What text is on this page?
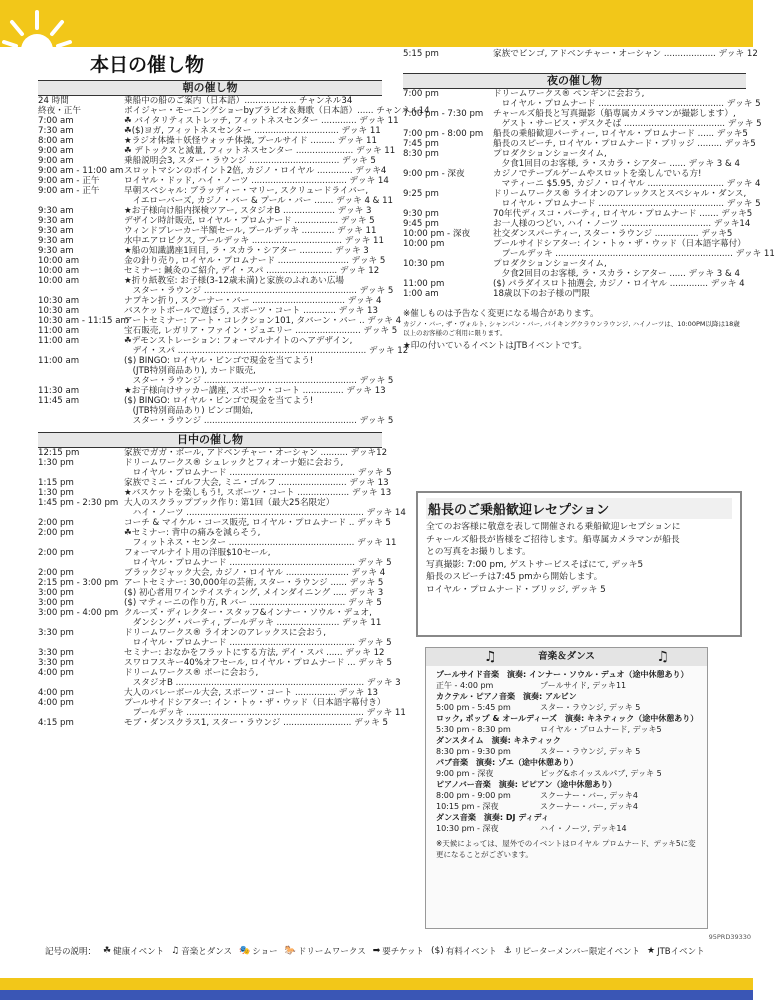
本日の催し物
朝の催し物
24 時間	乗船中の船のご案内（日本語）................... チャンネル34
終夜・正午	ボイジャー・モーニングショーbyブラビオ＆舞歌（日本語）...... チャンネル14
7:00 am	☘ バイタリティストレッチ, フィットネスセンター ............. デッキ 11
7:30 am	☘($)ヨガ, フィットネスセンター ............................... デッキ 11
8:00 am	★ラジオ体操＋妖怪ウォッチ体操, プールサイド ......... デッキ 11
9:00 am	☘ デトックスと減量, フィットネスセンター ..................... デッキ 11
9:00 am	乗船説明会3, スター・ラウンジ ................................. デッキ 5
9:00 am - 11:00 am スロットマシンのポイント2倍, カジノ・ロイヤル ............. デッキ4
9:00 am - 正午	ロイヤル・ドッド, ハイ・ノーツ ................................... デッキ 14
9:00 am - 正午	早朝スペシャル: ブラッディー・マリー, スクリュードライバー,
　イエローバーズ, カジノ・バー & プール・バー ....... デッキ 4 & 11
9:30 am	★お子様向け船内探検ツアー, スタジオB ................... デッキ 3
9:30 am	デザイン時計販売, ロイヤル・プロムナード ................ デッキ 5
9:30 am	ウィンドブレーカー半額セール, プールデッキ ............ デッキ 11
9:30 am	水中エアロビクス, プールデッキ ................................. デッキ 11
9:30 am	★船の知識講座1回目, ラ・スカラ・シアター ............ デッキ 3
10:00 am	金の針り売り, ロイヤル・プロムナード .......................... デッキ 5
10:00 am	セミナー: 鍼灸のご紹介, デイ・スパ .......................... デッキ 12
10:00 am	★折り紙教室: お子様(3-12歳未満)と家族のふれあい広場
　スター・ラウンジ ........................................................ デッキ 5
10:30 am	ナプキン折り, スクーナー・バー .................................. デッキ 4
10:30 am	バスケットボールで遊ぼう, スポーツ・コート ............ デッキ 13
10:30 am - 11:15 am
アートセミナー: アート・コレクション101, タバーン・バー .. デッキ 4
11:00 am	宝石販売, レガリア・ファイン・ジュエリー ........................ デッキ 5
11:00 am	☘デモンストレーション: フォーマルナイトのヘアデザイン,
　デイ・スパ ..................................................................... デッキ 12
11:00 am	($) BINGO: ロイヤル・ビンゴで現金を当てよう!
　(JTB特別商品あり), カード販売,
　スター・ラウンジ ........................................................ デッキ 5
11:30 am	★お子様向けサッカー講座, スポーツ・コート ............... デッキ 13
11:45 am	($) BINGO: ロイヤル・ビンゴで現金を当てよう!
　(JTB特別商品あり) ビンゴ開始,
　スター・ラウンジ ........................................................ デッキ 5
日中の催し物
12:15 pm	家族でガガ・ボール, アドベンチャー・オーシャン .......... デッキ12
1:30 pm	ドリームワークス® シュレックとフィオーナ姫に会おう,
　ロイヤル・プロムナード .............................................. デッキ 5
1:15 pm	家族でミニ・ゴルフ大会, ミニ・ゴルフ ......................... デッキ 13
1:30 pm	★バスケットを楽しもう!, スポーツ・コート ................... デッキ 13
1:45 pm - 2:30 pm 大人のスクラップブック作り: 第1回（最大25名限定）
　ハイ・ノーツ ................................................................. デッキ 14
2:00 pm	コーチ & マイケル・コース販売, ロイヤル・プロムナード .. デッキ 5
2:00 pm	☘セミナー: 背中の痛みを減らそう,
　フィットネス・センター .............................................. デッキ 11
2:00 pm	フォーマルナイト用の洋服$10セール,
　ロイヤル・プロムナード .............................................. デッキ 5
2:00 pm	ブラックジャック大会, カジノ・ロイヤル ....................... デッキ 4
2:15 pm - 3:00 pm アートセミナー: 30,000年の芸術, スター・ラウンジ ...... デッキ 5
3:00 pm	($) 初心者用ワインテイスティング, メインダイニング ..... デッキ 3
3:00 pm	($) マティーニの作り方, R バー ................................... デッキ 5
3:00 pm - 4:00 pm クルーズ・ディレクター・スタッフ&インナー・ソウル・デュオ,
　ダンシング・パーティ, プールデッキ ....................... デッキ 11
3:30 pm	ドリームワークス® ライオンのアレックスに会おう,
　ロイヤル・プロムナード .............................................. デッキ 5
3:30 pm	セミナー: おなかをフラットにする方法, デイ・スパ ...... デッキ 12
3:30 pm	スワロフスキー40%オフセール, ロイヤル・プロムナード ... デッキ 5
4:00 pm	ドリームワークス® ポーに会おう,
　スタジオB ..................................................................... デッキ 3
4:00 pm	大人のバレーボール大会, スポーツ・コート ............... デッキ 13
4:00 pm	プールサイドシアター: イン・トゥ・ザ・ウッド（日本語字幕付き）
　プールデッキ ................................................................. デッキ 11
4:15 pm	モブ・ダンスクラス1, スター・ラウンジ ......................... デッキ 5
5:15 pm	家族でビンゴ, アドベンチャー・オーシャン ................... デッキ 12
夜の催し物
7:00 pm	ドリームワークス® ペンギンに会おう,
　ロイヤル・プロムナード .............................................. デッキ 5
7:00 pm - 7:30 pm	チャールズ船長と写真撮影（船専属カメラマンが撮影します）,
　ゲスト・サービス・デスクそば ..................................... デッキ 5
7:00 pm - 8:00 pm	船長の乗船歓迎パーティー, ロイヤル・プロムナード ...... デッキ5
7:45 pm	船長のスピーチ, ロイヤル・プロムナード・ブリッジ ......... デッキ5
8:30 pm	プロダクションショータイム,
　夕食1回目のお客様, ラ・スカラ・シアター ...... デッキ 3 & 4
9:00 pm - 深夜	カジノでテーブルゲームやスロットを楽しんでいる方!
　マティーニ $5.95, カジノ・ロイヤル ............................ デッキ 4
9:25 pm	ドリームワークス® ライオンのアレックスとスペシャル・ダンス,
　ロイヤル・プロムナード .............................................. デッキ 5
9:30 pm	70年代ディスコ・パーティ, ロイヤル・プロムナード ....... デッキ5
9:45 pm	お一人様のつどい, ハイ・ノーツ ................................. デッキ14
10:00 pm - 深夜	社交ダンスパーティー, スター・ラウンジ ................ デッキ5
10:00 pm	プールサイドシアター: イン・トゥ・ザ・ウッド（日本語字幕付）
　プールデッキ ................................................................. デッキ 11
10:30 pm	プロダクションショータイム,
　夕食2回目のお客様, ラ・スカラ・シアター ...... デッキ 3 & 4
11:00 pm	($) パラダイスロト抽選会, カジノ・ロイヤル .............. デッキ 4
1:00 am	18歳以下のお子様の門限
※催しものは予告なく変更になる場合があります。
カジノ・バー, ザ・ヴォルト, シャンパン・バー, バイキングクラウンラウンジ, ハイノーツは、10:00PM以降は18歳以上のお客様のご利用に限ります。
★印の付いているイベントはJTBイベントです。
船長のご乗船歓迎レセプション

全てのお客様に敬意を表して開催される乗船歓迎レセプションに

チャールズ船長が皆様をご招待します。船専属カメラマンが船長

との写真をお撮りします。

写真撮影: 7:00 pm, ゲストサービスそばにて, デッキ5

船長のスピーチは7:45 pmから開始します。

ロイヤル・プロムナード・ブリッジ, デッキ 5

♫	音楽＆ダンス	♫
プールサイド音楽　演奏: インナー・ソウル・デュオ（途中休憩あり）
正午 - 4:00 pm	プールサイド, デッキ11
カクテル・ピアノ音楽　演奏: アルビン
5:00 pm - 5:45 pm	スター・ラウンジ, デッキ 5
ロック, ポップ & オールディーズ　演奏: キネティック（途中休憩あり）
5:30 pm - 8:30 pm	ロイヤル・プロムナード, デッキ5
ダンスタイム　演奏: キネティック
8:30 pm - 9:30 pm	スター・ラウンジ, デッキ 5
パブ音楽　演奏: ゾエ（途中休憩あり）
9:00 pm - 深夜	ピッグ&ホイッスルパブ, デッキ 5
ピアノバー音楽　演奏: ピピアン（途中休憩あり）
8:00 pm - 9:00 pm	スクーナー・バー, デッキ4
10:15 pm - 深夜	スクーナー・バー, デッキ4
ダンス音楽　演奏: DJ ディディ
10:30 pm - 深夜	ハイ・ノーツ, デッキ14
※天候によっては、屋外でのイベントはロイヤル プロムナード、デッキ5に変更になることがございます。
95PRD39330
記号の説明： ☘ 健康イベント ♫ 音楽とダンス 🎭 ショー 🐎 ドリームワークス ➡ 要チケット ($) 有料イベント ⚓ リピーターメンバー限定イベント ★ JTBイベント
